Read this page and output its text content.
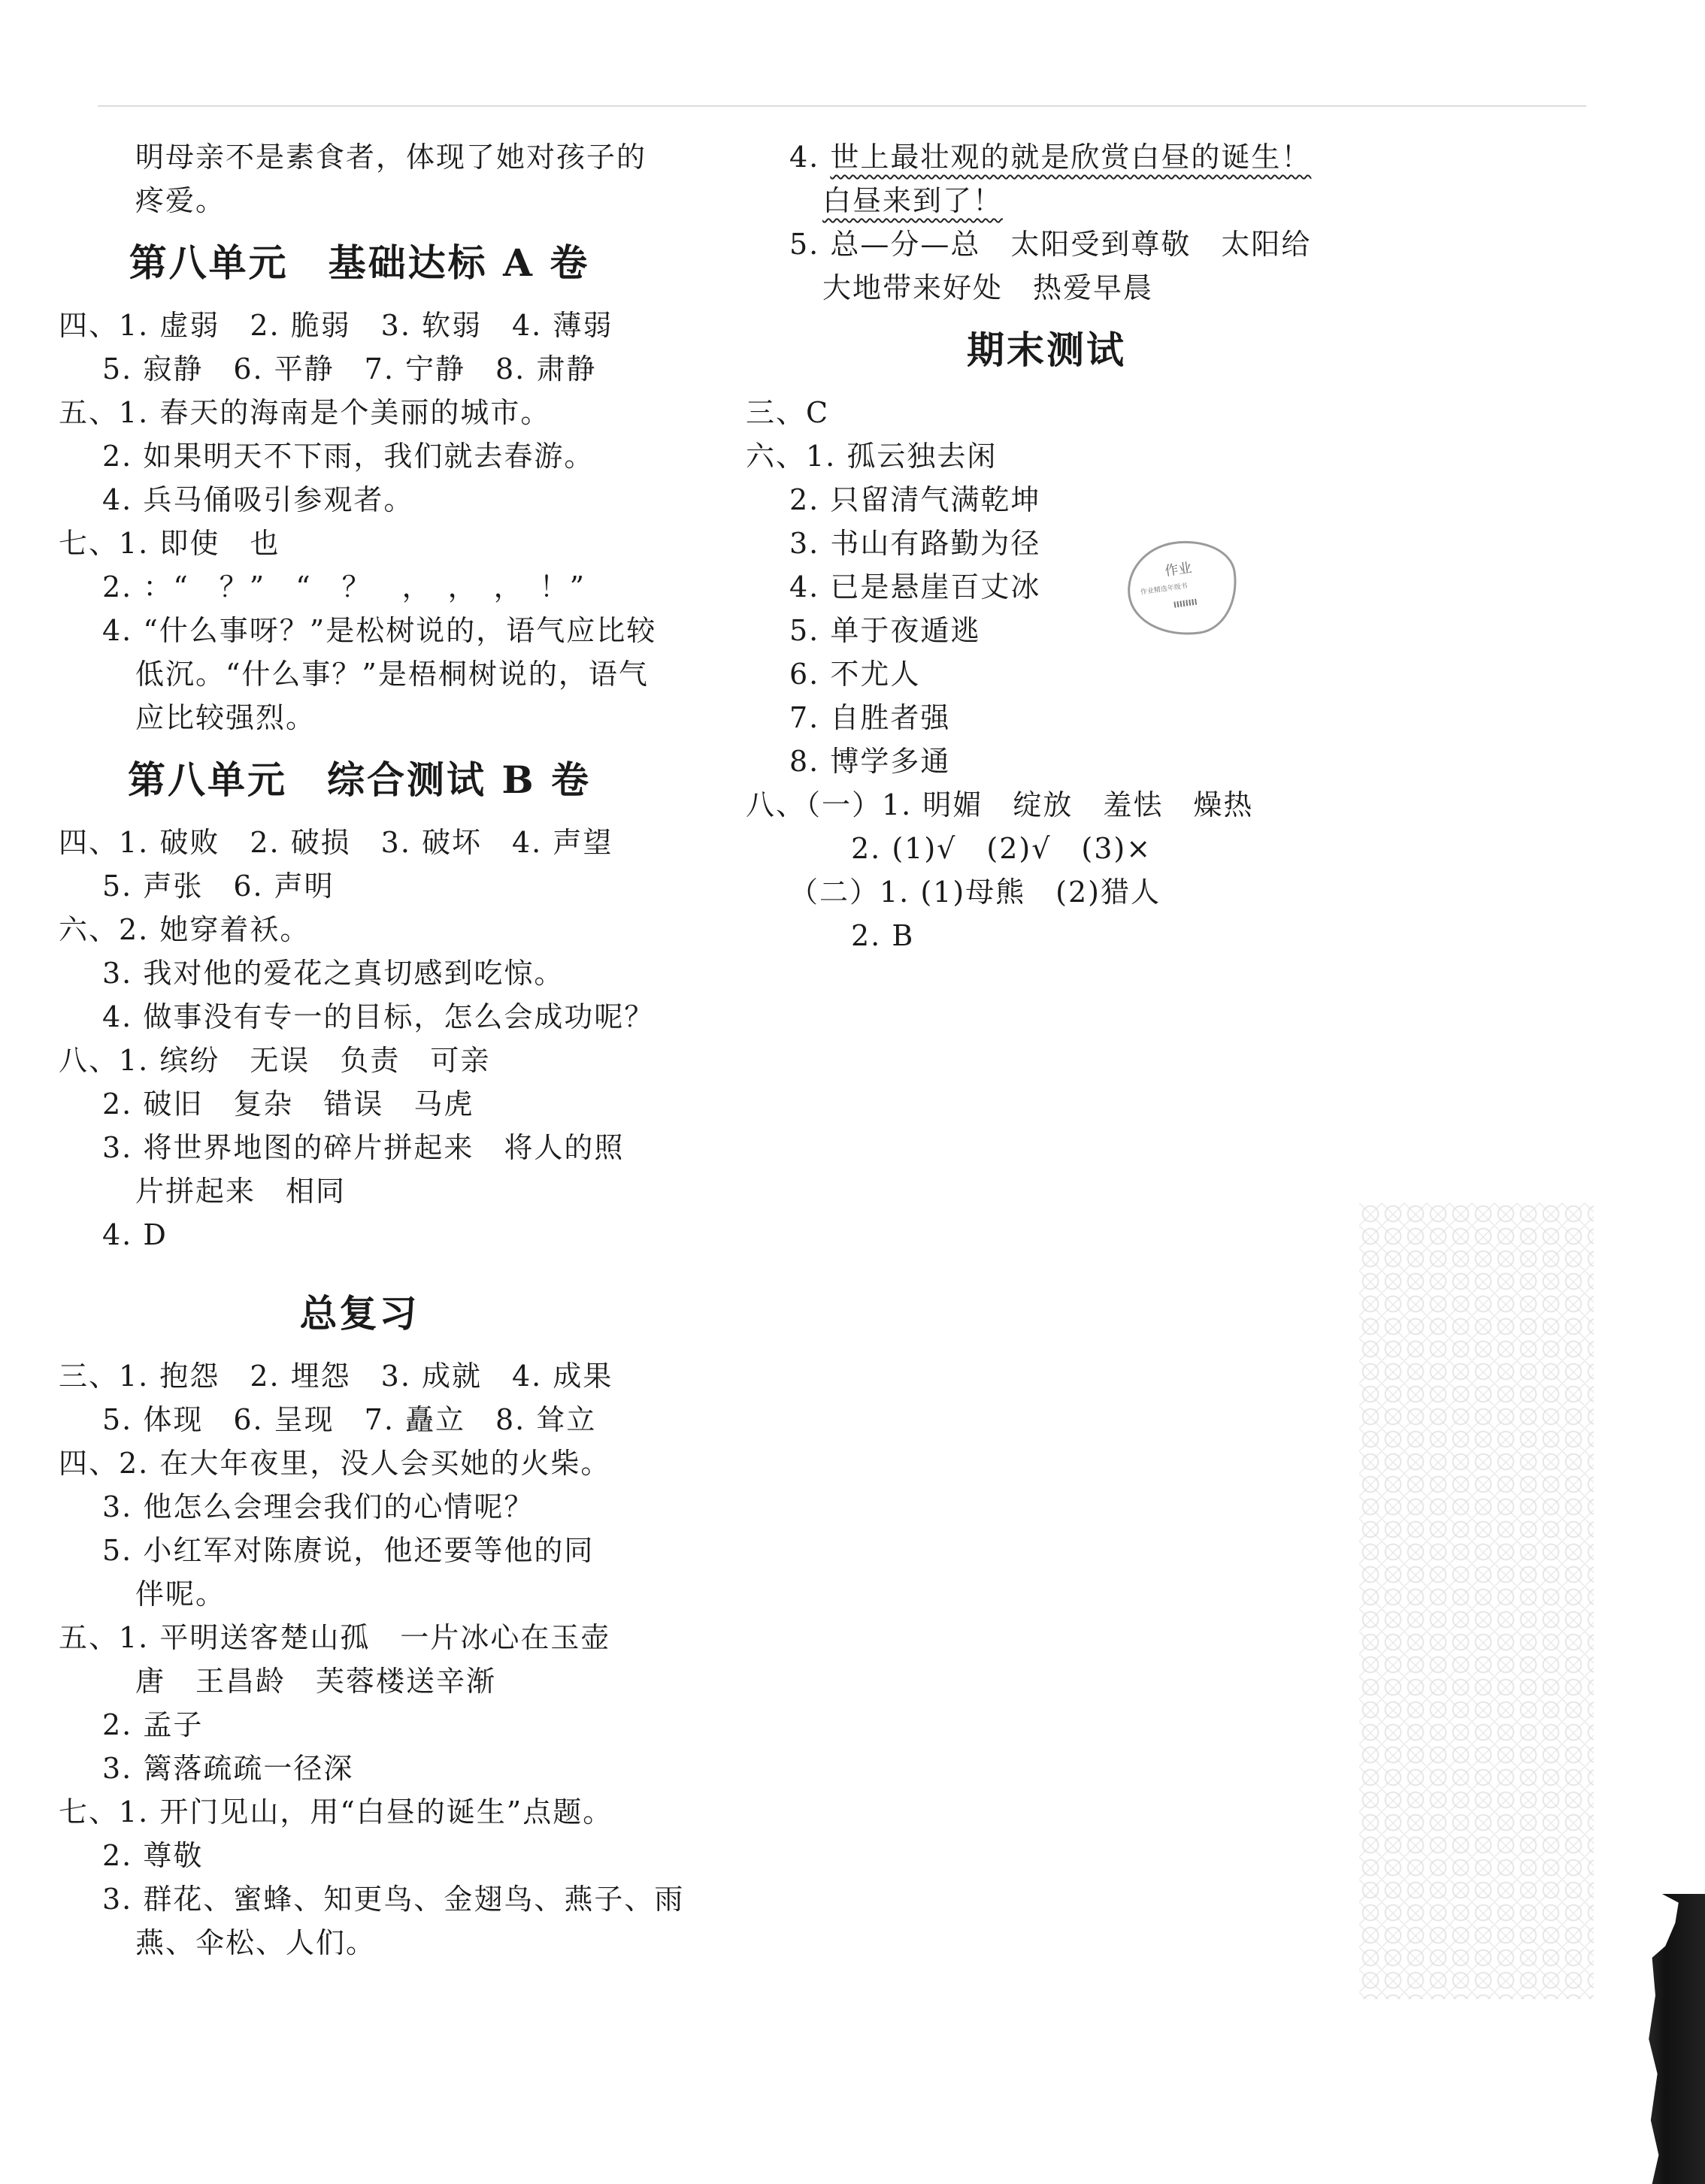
明母亲不是素食者，体现了她对孩子的
疼爱。
第八单元　基础达标 A 卷
四、1. 虚弱　2. 脆弱　3. 软弱　4. 薄弱
5. 寂静　6. 平静　7. 宁静　8. 肃静
五、1. 春天的海南是个美丽的城市。
2. 如果明天不下雨，我们就去春游。
4. 兵马俑吸引参观者。
七、1. 即使　也
2. ：“　？”　“　？　，　，　，　！”
4. “什么事呀？”是松树说的，语气应比较
低沉。“什么事？”是梧桐树说的，语气
应比较强烈。
第八单元　综合测试 B 卷
四、1. 破败　2. 破损　3. 破坏　4. 声望
5. 声张　6. 声明
六、2. 她穿着袄。
3. 我对他的爱花之真切感到吃惊。
4. 做事没有专一的目标，怎么会成功呢？
八、1. 缤纷　无误　负责　可亲
2. 破旧　复杂　错误　马虎
3. 将世界地图的碎片拼起来　将人的照
片拼起来　相同
4. D
总复习
三、1. 抱怨　2. 埋怨　3. 成就　4. 成果
5. 体现　6. 呈现　7. 矗立　8. 耸立
四、2. 在大年夜里，没人会买她的火柴。
3. 他怎么会理会我们的心情呢？
5. 小红军对陈赓说，他还要等他的同
伴呢。
五、1. 平明送客楚山孤　一片冰心在玉壶
唐　王昌龄　芙蓉楼送辛渐
2. 孟子
3. 篱落疏疏一径深
七、1. 开门见山，用“白昼的诞生”点题。
2. 尊敬
3. 群花、蜜蜂、知更鸟、金翅鸟、燕子、雨
燕、伞松、人们。
4. 世上最壮观的就是欣赏白昼的诞生！
白昼来到了！
5. 总—分—总　太阳受到尊敬　太阳给
大地带来好处　热爱早晨
期末测试
三、C
六、1. 孤云独去闲
2. 只留清气满乾坤
3. 书山有路勤为径
4. 已是悬崖百丈冰
5. 单于夜遁逃
6. 不尤人
7. 自胜者强
8. 博学多通
八、（一）1. 明媚　绽放　羞怯　燥热
2. (1)√　(2)√　(3)×
（二）1. (1)母熊　(2)猎人
2. B
作业
作业精选年级书
